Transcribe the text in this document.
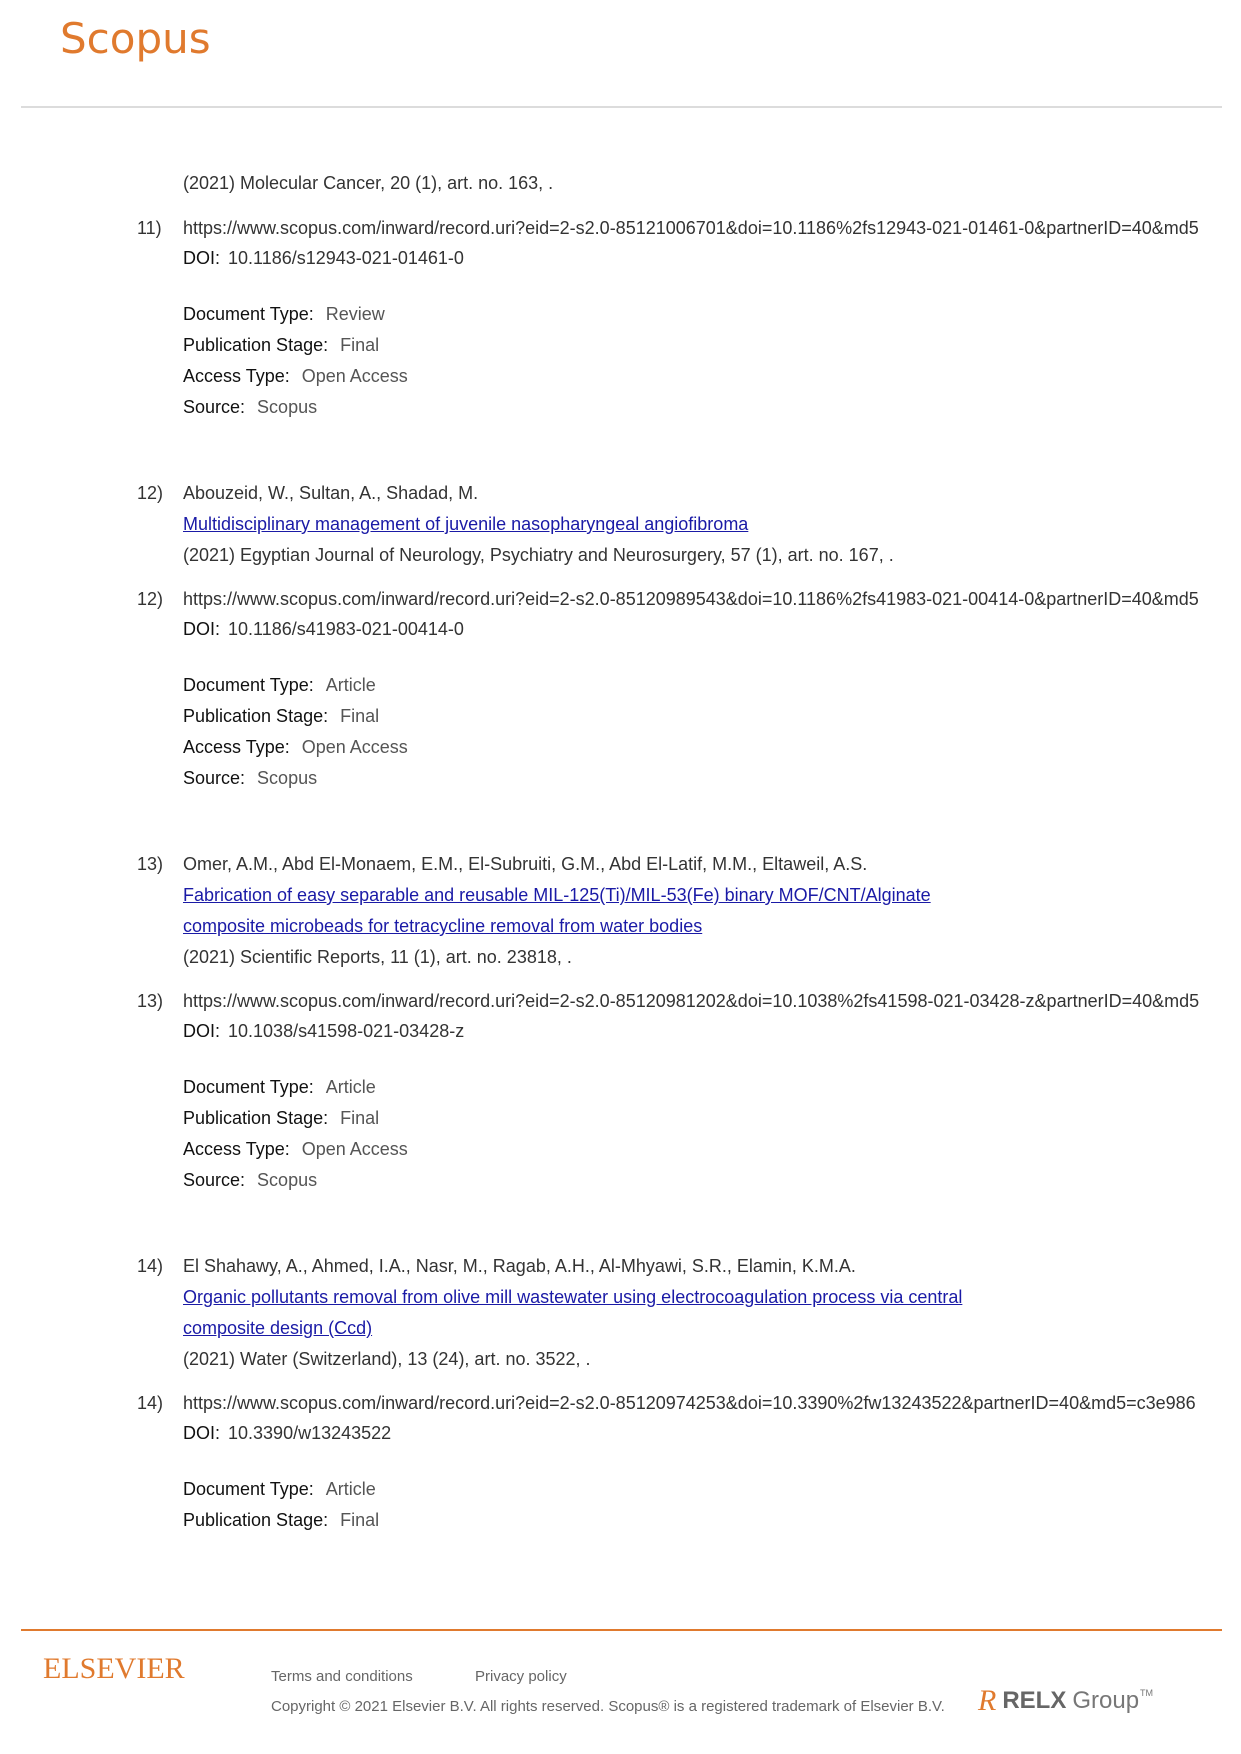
Scopus
(2021) Molecular Cancer, 20 (1), art. no. 163, .
11) https://www.scopus.com/inward/record.uri?eid=2-s2.0-85121006701&doi=10.1186%2fs12943-021-01461-0&partnerID=40&md5
DOI: 10.1186/s12943-021-01461-0
Document Type: Review
Publication Stage: Final
Access Type: Open Access
Source: Scopus
12) Abouzeid, W., Sultan, A., Shadad, M.
Multidisciplinary management of juvenile nasopharyngeal angiofibroma
(2021) Egyptian Journal of Neurology, Psychiatry and Neurosurgery, 57 (1), art. no. 167, .
12) https://www.scopus.com/inward/record.uri?eid=2-s2.0-85120989543&doi=10.1186%2fs41983-021-00414-0&partnerID=40&md5
DOI: 10.1186/s41983-021-00414-0
Document Type: Article
Publication Stage: Final
Access Type: Open Access
Source: Scopus
13) Omer, A.M., Abd El-Monaem, E.M., El-Subruiti, G.M., Abd El-Latif, M.M., Eltaweil, A.S.
Fabrication of easy separable and reusable MIL-125(Ti)/MIL-53(Fe) binary MOF/CNT/Alginate
composite microbeads for tetracycline removal from water bodies
(2021) Scientific Reports, 11 (1), art. no. 23818, .
13) https://www.scopus.com/inward/record.uri?eid=2-s2.0-85120981202&doi=10.1038%2fs41598-021-03428-z&partnerID=40&md5
DOI: 10.1038/s41598-021-03428-z
Document Type: Article
Publication Stage: Final
Access Type: Open Access
Source: Scopus
14) El Shahawy, A., Ahmed, I.A., Nasr, M., Ragab, A.H., Al-Mhyawi, S.R., Elamin, K.M.A.
Organic pollutants removal from olive mill wastewater using electrocoagulation process via central
composite design (Ccd)
(2021) Water (Switzerland), 13 (24), art. no. 3522, .
14) https://www.scopus.com/inward/record.uri?eid=2-s2.0-85120974253&doi=10.3390%2fw13243522&partnerID=40&md5=c3e986
DOI: 10.3390/w13243522
Document Type: Article
Publication Stage: Final
ELSEVIER	Terms and conditions	Privacy policy
Copyright © 2021 Elsevier B.V. All rights reserved. Scopus® is a registered trademark of Elsevier B.V. R RELX Group TM
